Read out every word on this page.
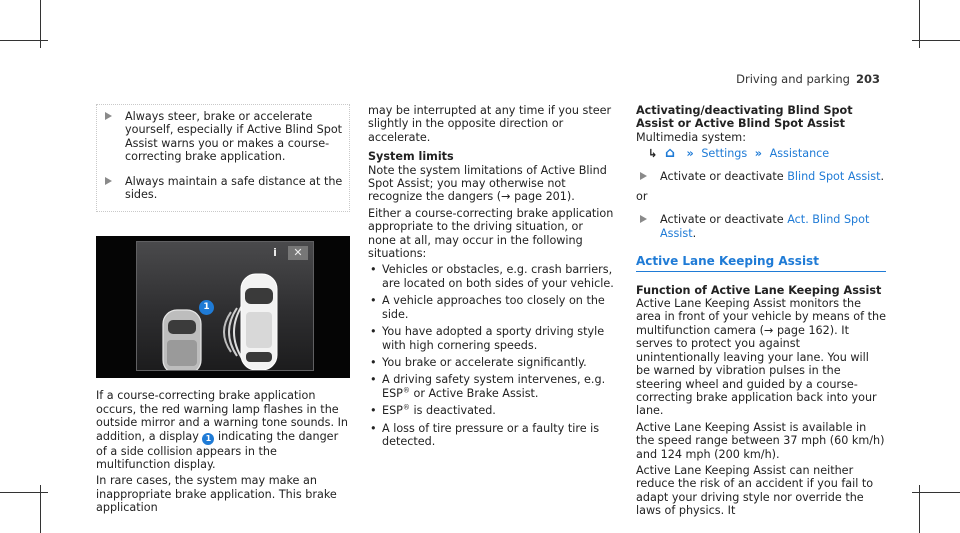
Driving and parking 203
Always steer, brake or accelerate yourself, especially if Active Blind Spot Assist warns you or makes a course-correcting brake application.
Always maintain a safe distance at the sides.
i	✕
1

If a course-correcting brake application occurs, the red warning lamp flashes in the outside mirror and a warning tone sounds. In addition, a display 1 indicating the danger of a side collision appears in the multifunction display.

In rare cases, the system may make an inappropriate brake application. This brake application

may be interrupted at any time if you steer slightly in the opposite direction or accelerate.

System limits

Note the system limitations of Active Blind Spot Assist; you may otherwise not recognize the dangers (→ page 201).

Either a course-correcting brake application appropriate to the driving situation, or none at all, may occur in the following situations:

• Vehicles or obstacles, e.g. crash barriers, are located on both sides of your vehicle.
• A vehicle approaches too closely on the side.
• You have adopted a sporty driving style with high cornering speeds.
• You brake or accelerate significantly.
• A driving safety system intervenes, e.g. ESP® or Active Brake Assist.
• ESP® is deactivated.
• A loss of tire pressure or a faulty tire is detected.
Activating/deactivating Blind Spot Assist or Active Blind Spot Assist

Multimedia system:

↳ ⌂ » Settings » Assistance
Activate or deactivate Blind Spot Assist.

or

Activate or deactivate Act. Blind Spot Assist.
Active Lane Keeping Assist
Function of Active Lane Keeping Assist

Active Lane Keeping Assist monitors the area in front of your vehicle by means of the multifunction camera (→ page 162). It serves to protect you against unintentionally leaving your lane. You will be warned by vibration pulses in the steering wheel and guided by a course-correcting brake application back into your lane.

Active Lane Keeping Assist is available in the speed range between 37 mph (60 km/h) and 124 mph (200 km/h).

Active Lane Keeping Assist can neither reduce the risk of an accident if you fail to adapt your driving style nor override the laws of physics. It
